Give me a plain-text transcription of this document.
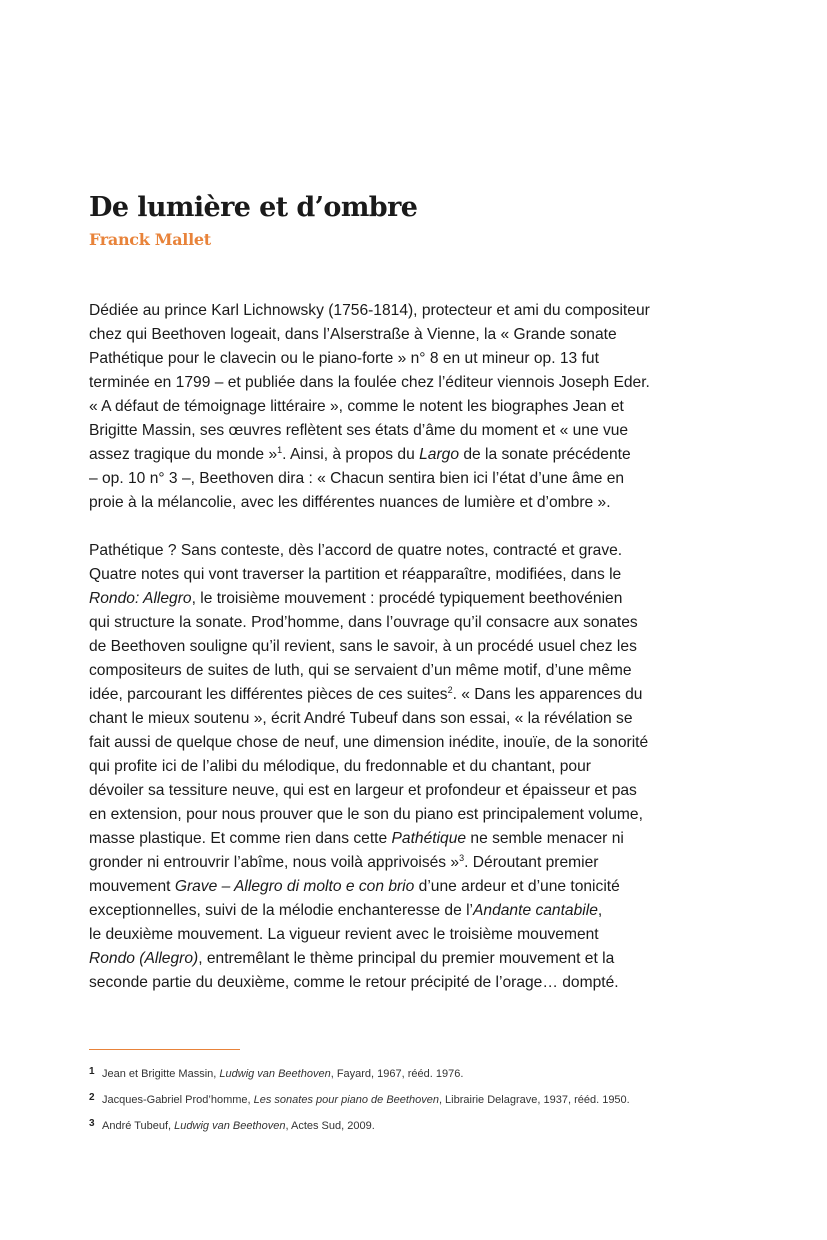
De lumière et d’ombre
Franck Mallet

Dédiée au prince Karl Lichnowsky (1756-1814), protecteur et ami du compositeur
chez qui Beethoven logeait, dans l’Alserstraße à Vienne, la « Grande sonate
Pathétique pour le clavecin ou le piano-forte » n° 8 en ut mineur op. 13 fut
terminée en 1799 – et publiée dans la foulée chez l’éditeur viennois Joseph Eder.
« A défaut de témoignage littéraire », comme le notent les biographes Jean et
Brigitte Massin, ses œuvres reflètent ses états d’âme du moment et « une vue
assez tragique du monde »$^1$. Ainsi, à propos du Largo de la sonate précédente
– op. 10 n° 3 –, Beethoven dira : « Chacun sentira bien ici l’état d’une âme en
proie à la mélancolie, avec les différentes nuances de lumière et d’ombre ».

Pathétique ? Sans conteste, dès l’accord de quatre notes, contracté et grave.
Quatre notes qui vont traverser la partition et réapparaître, modifiées, dans le
Rondo: Allegro, le troisième mouvement : procédé typiquement beethovénien
qui structure la sonate. Prod’homme, dans l’ouvrage qu’il consacre aux sonates
de Beethoven souligne qu’il revient, sans le savoir, à un procédé usuel chez les
compositeurs de suites de luth, qui se servaient d’un même motif, d’une même
idée, parcourant les différentes pièces de ces suites$^2$. « Dans les apparences du
chant le mieux soutenu », écrit André Tubeuf dans son essai, « la révélation se
fait aussi de quelque chose de neuf, une dimension inédite, inouïe, de la sonorité
qui profite ici de l’alibi du mélodique, du fredonnable et du chantant, pour
dévoiler sa tessiture neuve, qui est en largeur et profondeur et épaisseur et pas
en extension, pour nous prouver que le son du piano est principalement volume,
masse plastique. Et comme rien dans cette Pathétique ne semble menacer ni
gronder ni entrouvrir l’abîme, nous voilà apprivoisés »$^3$. Déroutant premier
mouvement Grave – Allegro di molto e con brio d’une ardeur et d’une tonicité
exceptionnelles, suivi de la mélodie enchanteresse de l’Andante cantabile,
le deuxième mouvement. La vigueur revient avec le troisième mouvement
Rondo (Allegro), entremêlant le thème principal du premier mouvement et la
seconde partie du deuxième, comme le retour précipité de l’orage… dompté.

1 Jean et Brigitte Massin, Ludwig van Beethoven, Fayard, 1967, rééd. 1976.
2 Jacques-Gabriel Prod’homme, Les sonates pour piano de Beethoven, Librairie Delagrave, 1937, rééd. 1950.
3 André Tubeuf, Ludwig van Beethoven, Actes Sud, 2009.
